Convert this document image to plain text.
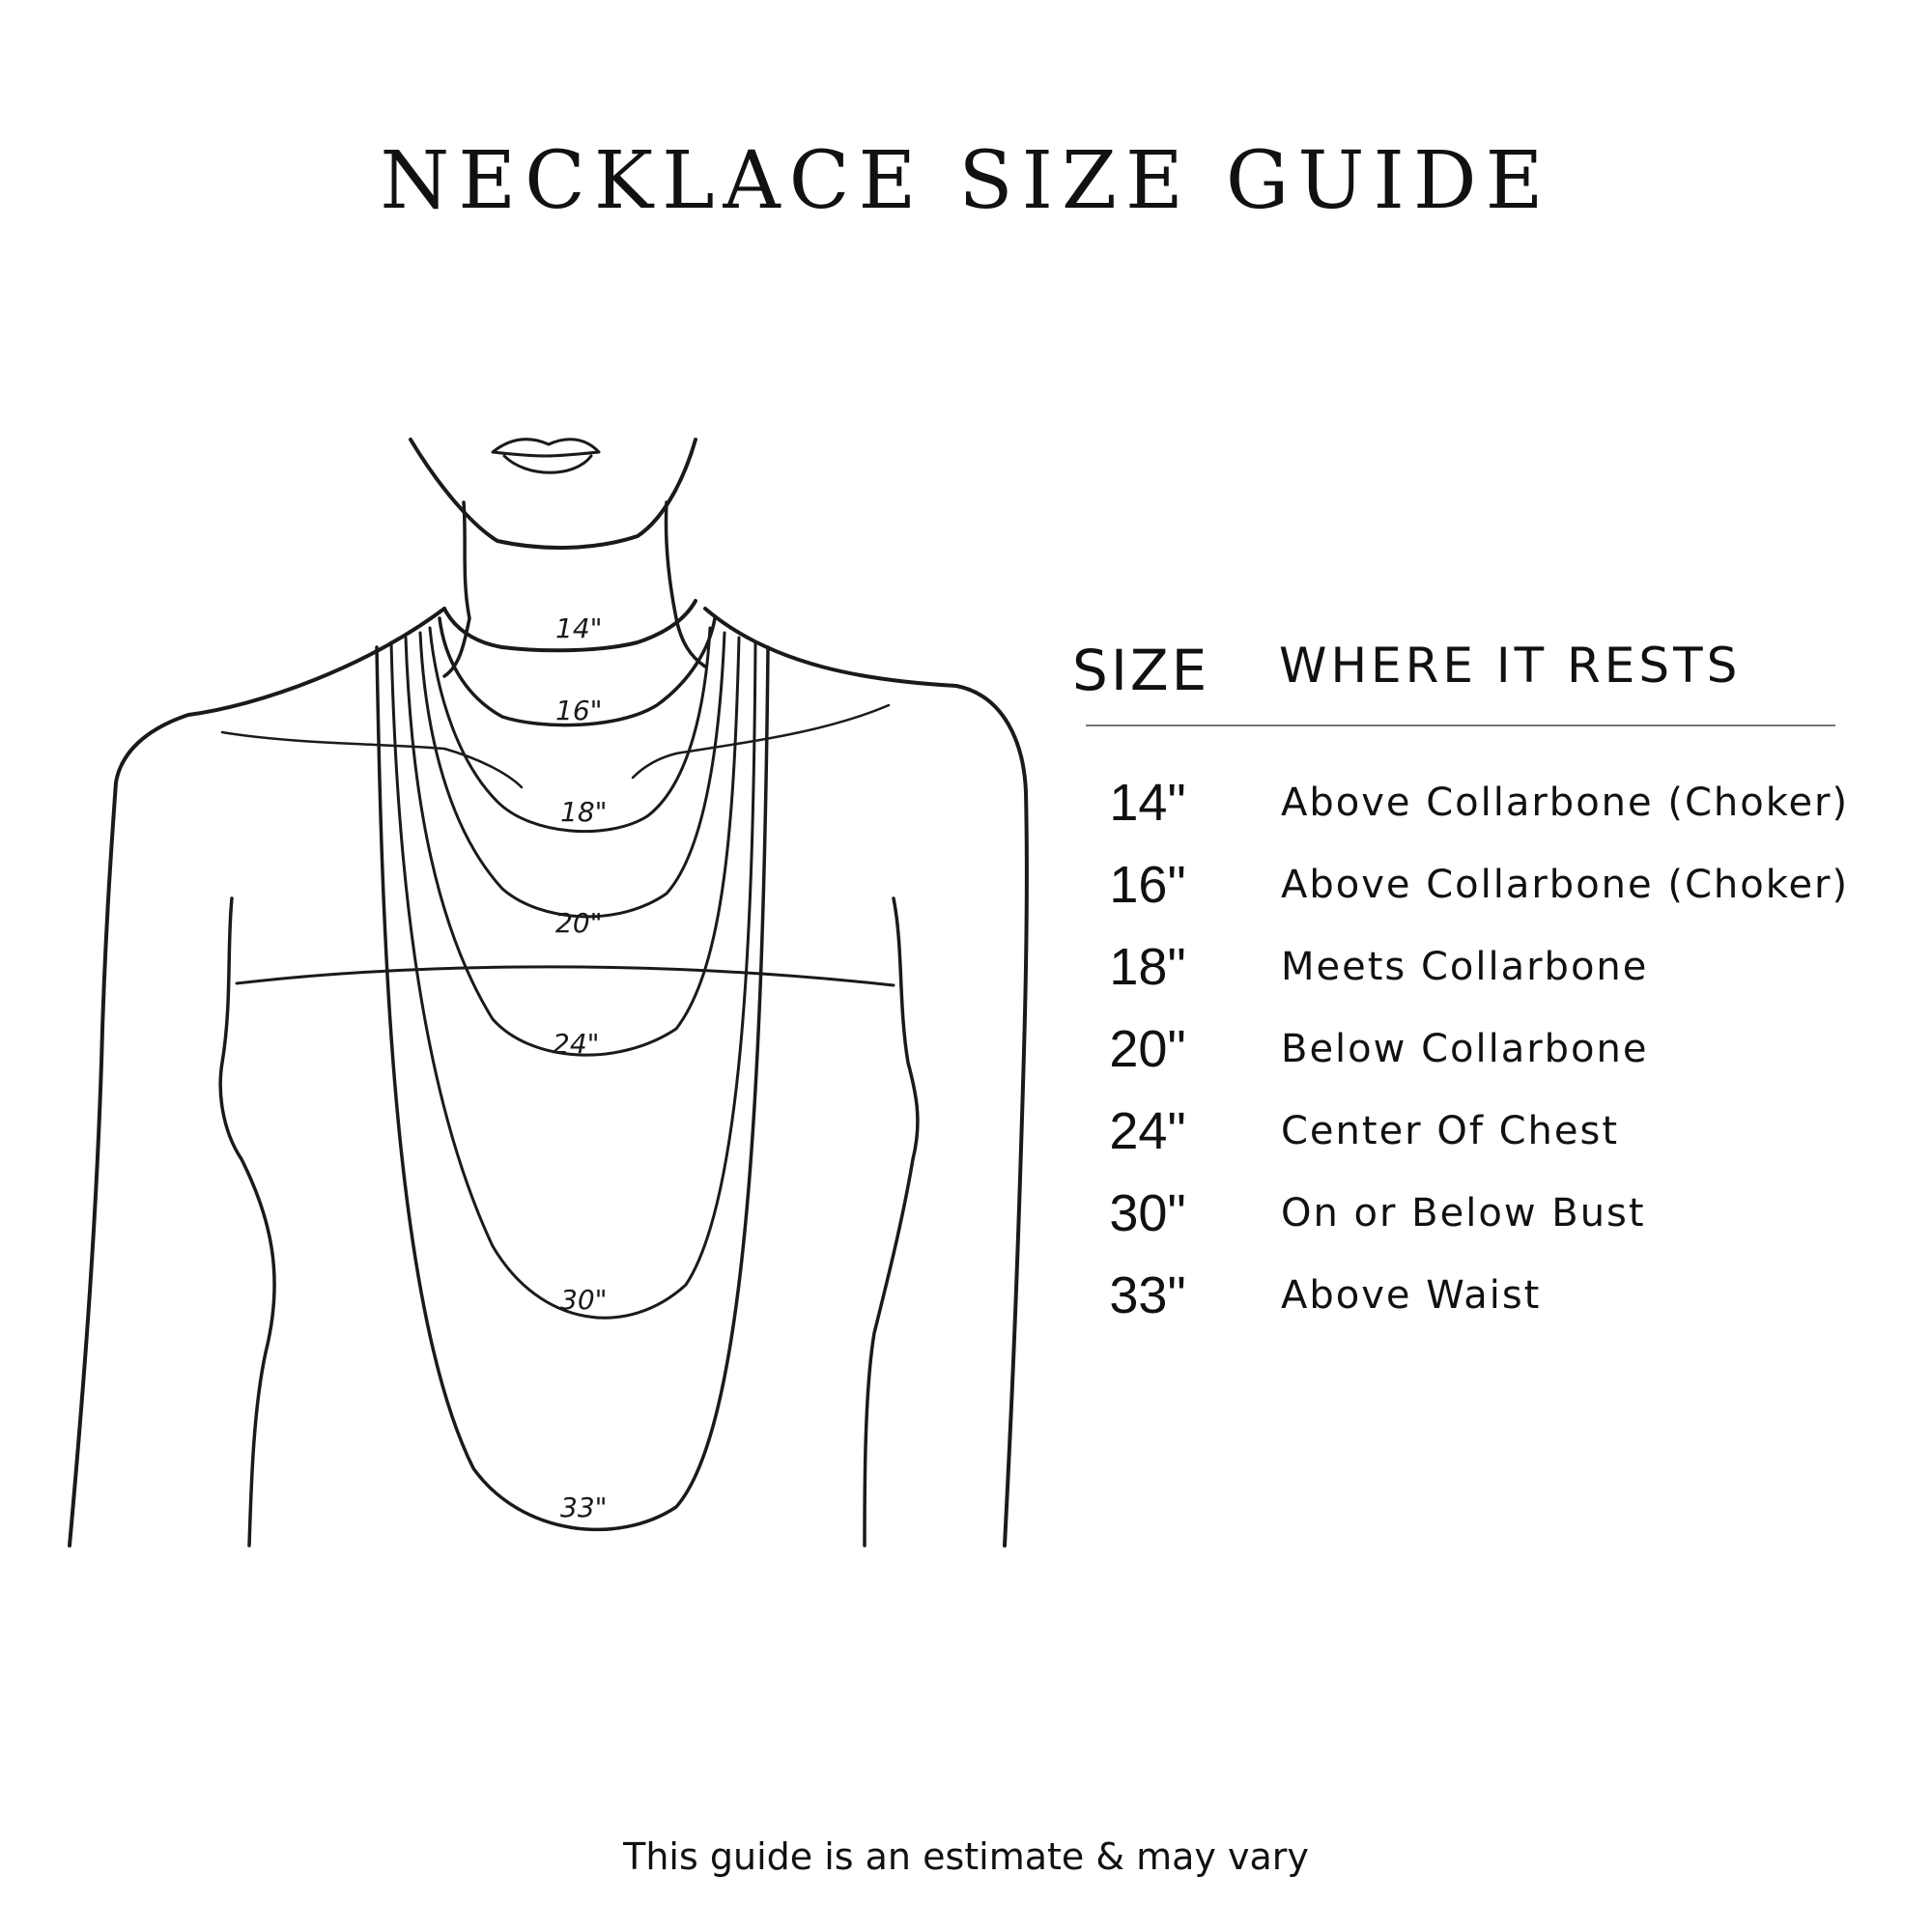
NECKLACE SIZE GUIDE
14"
16"
18"
20"
24"
30"
33"
SIZE WHERE IT RESTS
14"	Above Collarbone (Choker)
16"	Above Collarbone (Choker)
18"	Meets Collarbone
20"	Below Collarbone
24"	Center Of Chest
30"	On or Below Bust
33"	Above Waist
This guide is an estimate & may vary
